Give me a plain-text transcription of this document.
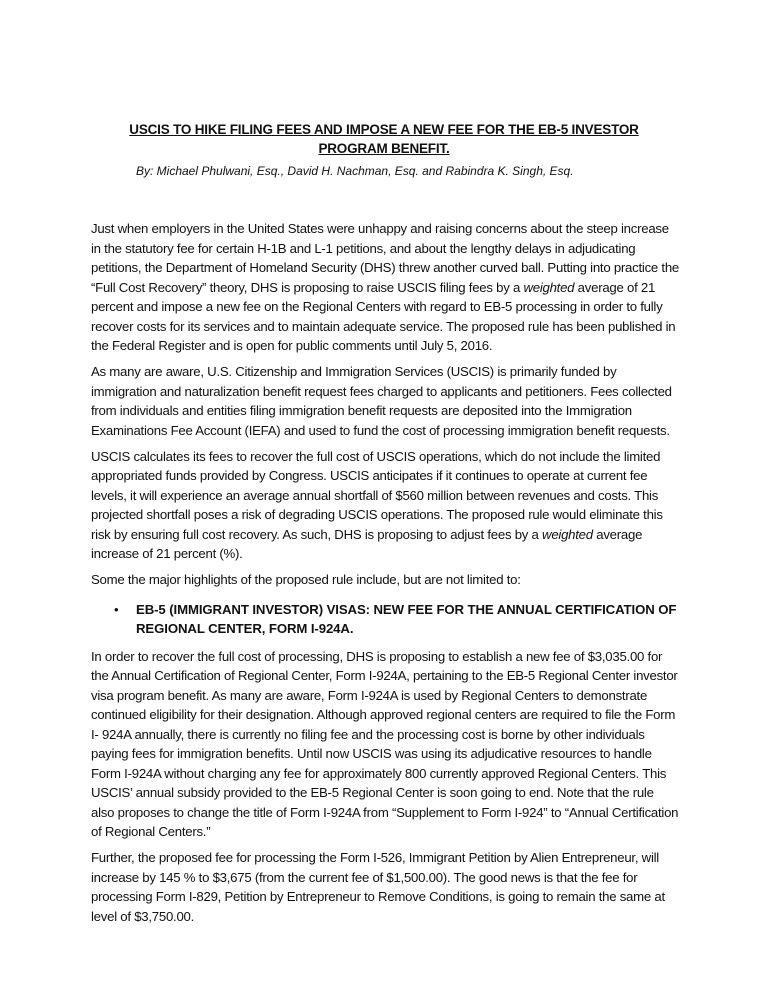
USCIS TO HIKE FILING FEES AND IMPOSE A NEW FEE FOR THE EB-5 INVESTOR PROGRAM BENEFIT.
By: Michael Phulwani, Esq., David H. Nachman, Esq. and Rabindra K. Singh, Esq.

Just when employers in the United States were unhappy and raising concerns about the steep increase in the statutory fee for certain H-1B and L-1 petitions, and about the lengthy delays in adjudicating petitions, the Department of Homeland Security (DHS) threw another curved ball. Putting into practice the “Full Cost Recovery” theory, DHS is proposing to raise USCIS filing fees by a weighted average of 21 percent and impose a new fee on the Regional Centers with regard to EB-5 processing in order to fully recover costs for its services and to maintain adequate service. The proposed rule has been published in the Federal Register and is open for public comments until July 5, 2016.

As many are aware, U.S. Citizenship and Immigration Services (USCIS) is primarily funded by immigration and naturalization benefit request fees charged to applicants and petitioners. Fees collected from individuals and entities filing immigration benefit requests are deposited into the Immigration Examinations Fee Account (IEFA) and used to fund the cost of processing immigration benefit requests.

USCIS calculates its fees to recover the full cost of USCIS operations, which do not include the limited appropriated funds provided by Congress. USCIS anticipates if it continues to operate at current fee levels, it will experience an average annual shortfall of $560 million between revenues and costs. This projected shortfall poses a risk of degrading USCIS operations. The proposed rule would eliminate this risk by ensuring full cost recovery. As such, DHS is proposing to adjust fees by a weighted average increase of 21 percent (%).

Some the major highlights of the proposed rule include, but are not limited to:

• EB-5 (IMMIGRANT INVESTOR) VISAS: NEW FEE FOR THE ANNUAL CERTIFICATION OF REGIONAL CENTER, FORM I-924A.

In order to recover the full cost of processing, DHS is proposing to establish a new fee of $3,035.00 for the Annual Certification of Regional Center, Form I-924A, pertaining to the EB-5 Regional Center investor visa program benefit. As many are aware, Form I-924A is used by Regional Centers to demonstrate continued eligibility for their designation. Although approved regional centers are required to file the Form I- 924A annually, there is currently no filing fee and the processing cost is borne by other individuals paying fees for immigration benefits. Until now USCIS was using its adjudicative resources to handle Form I-924A without charging any fee for approximately 800 currently approved Regional Centers. This USCIS’ annual subsidy provided to the EB-5 Regional Center is soon going to end. Note that the rule also proposes to change the title of Form I-924A from “Supplement to Form I-924” to “Annual Certification of Regional Centers.”

Further, the proposed fee for processing the Form I-526, Immigrant Petition by Alien Entrepreneur, will increase by 145 % to $3,675 (from the current fee of $1,500.00). The good news is that the fee for processing Form I-829, Petition by Entrepreneur to Remove Conditions, is going to remain the same at level of $3,750.00.
